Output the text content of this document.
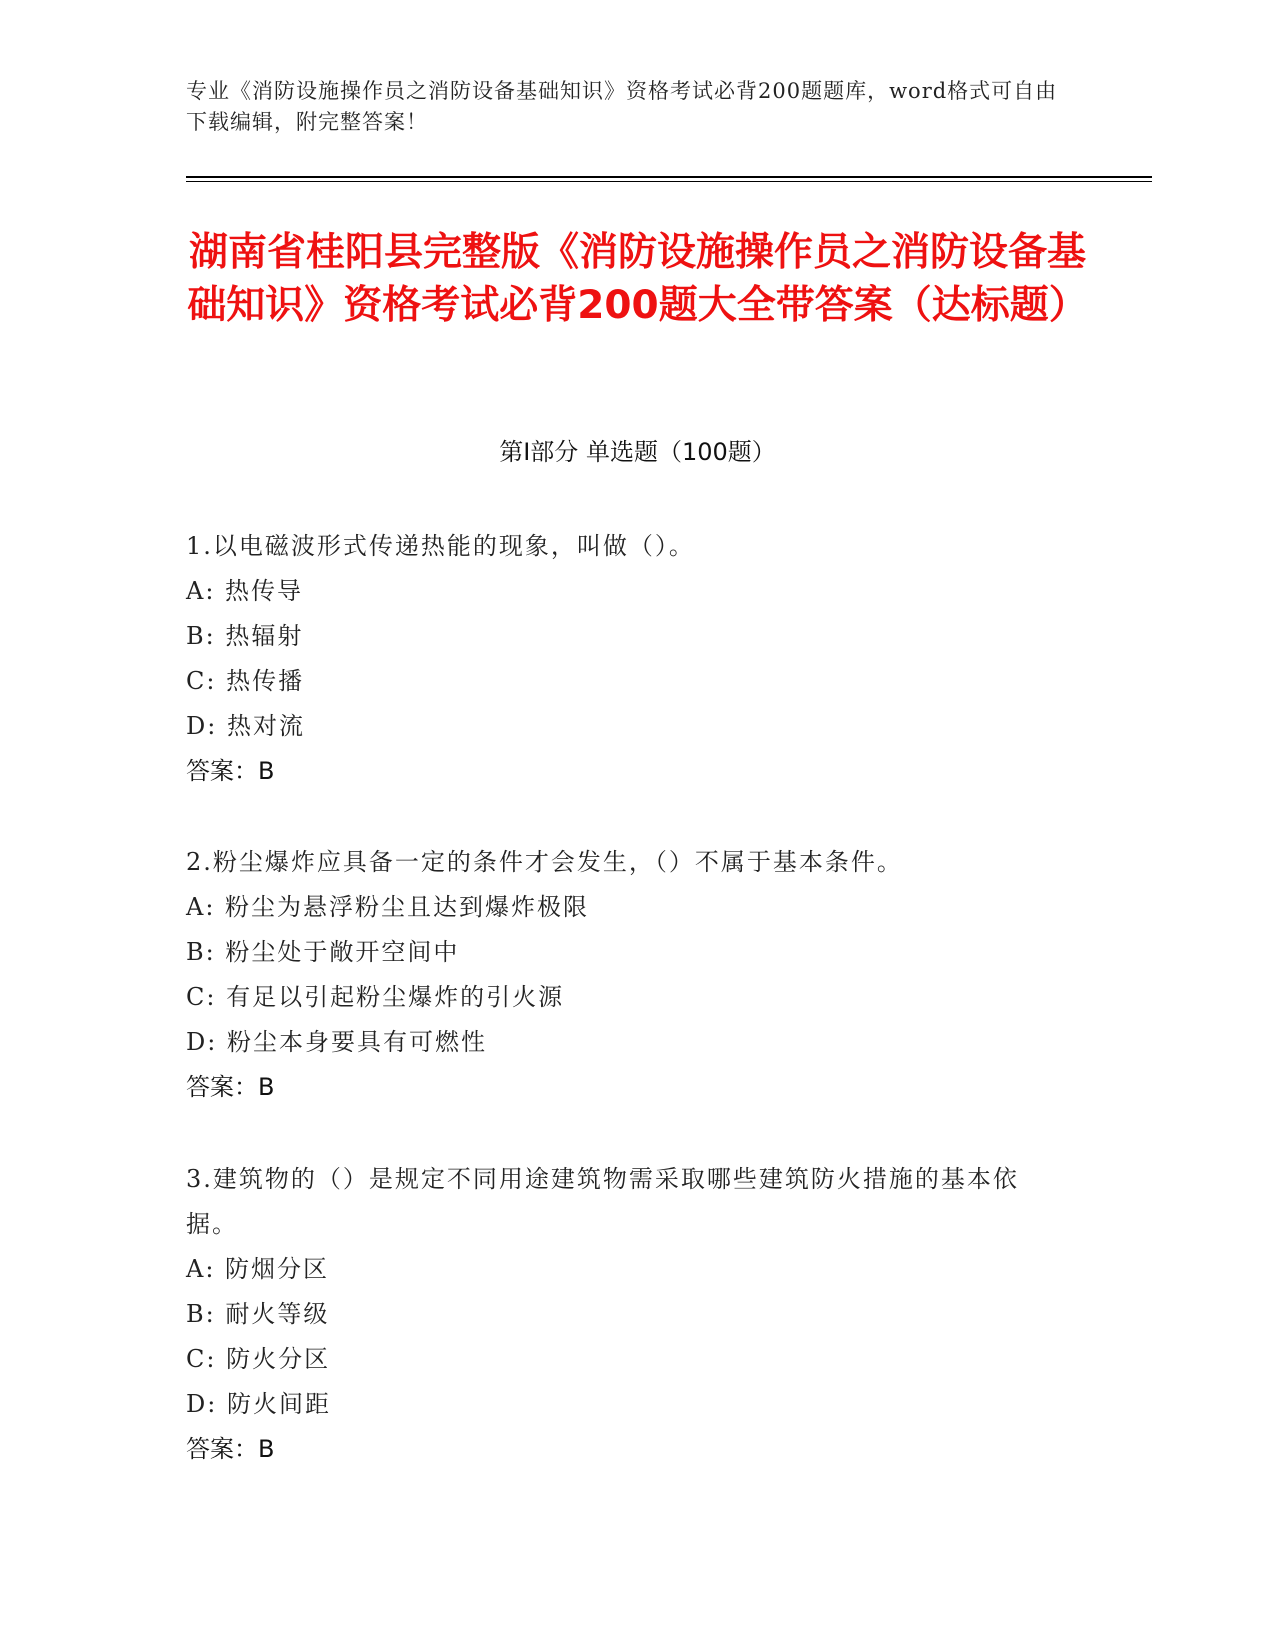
专业《消防设施操作员之消防设备基础知识》资格考试必背200题题库，word格式可自由下载编辑，附完整答案！
湖南省桂阳县完整版《消防设施操作员之消防设备基础知识》资格考试必背200题大全带答案（达标题）
第I部分 单选题（100题）
1.以电磁波形式传递热能的现象，叫做（）。
A: 热传导
B: 热辐射
C: 热传播
D: 热对流
答案：B
2.粉尘爆炸应具备一定的条件才会发生，（）不属于基本条件。
A: 粉尘为悬浮粉尘且达到爆炸极限
B: 粉尘处于敞开空间中
C: 有足以引起粉尘爆炸的引火源
D: 粉尘本身要具有可燃性
答案：B
3.建筑物的（）是规定不同用途建筑物需采取哪些建筑防火措施的基本依据。
A: 防烟分区
B: 耐火等级
C: 防火分区
D: 防火间距
答案：B
